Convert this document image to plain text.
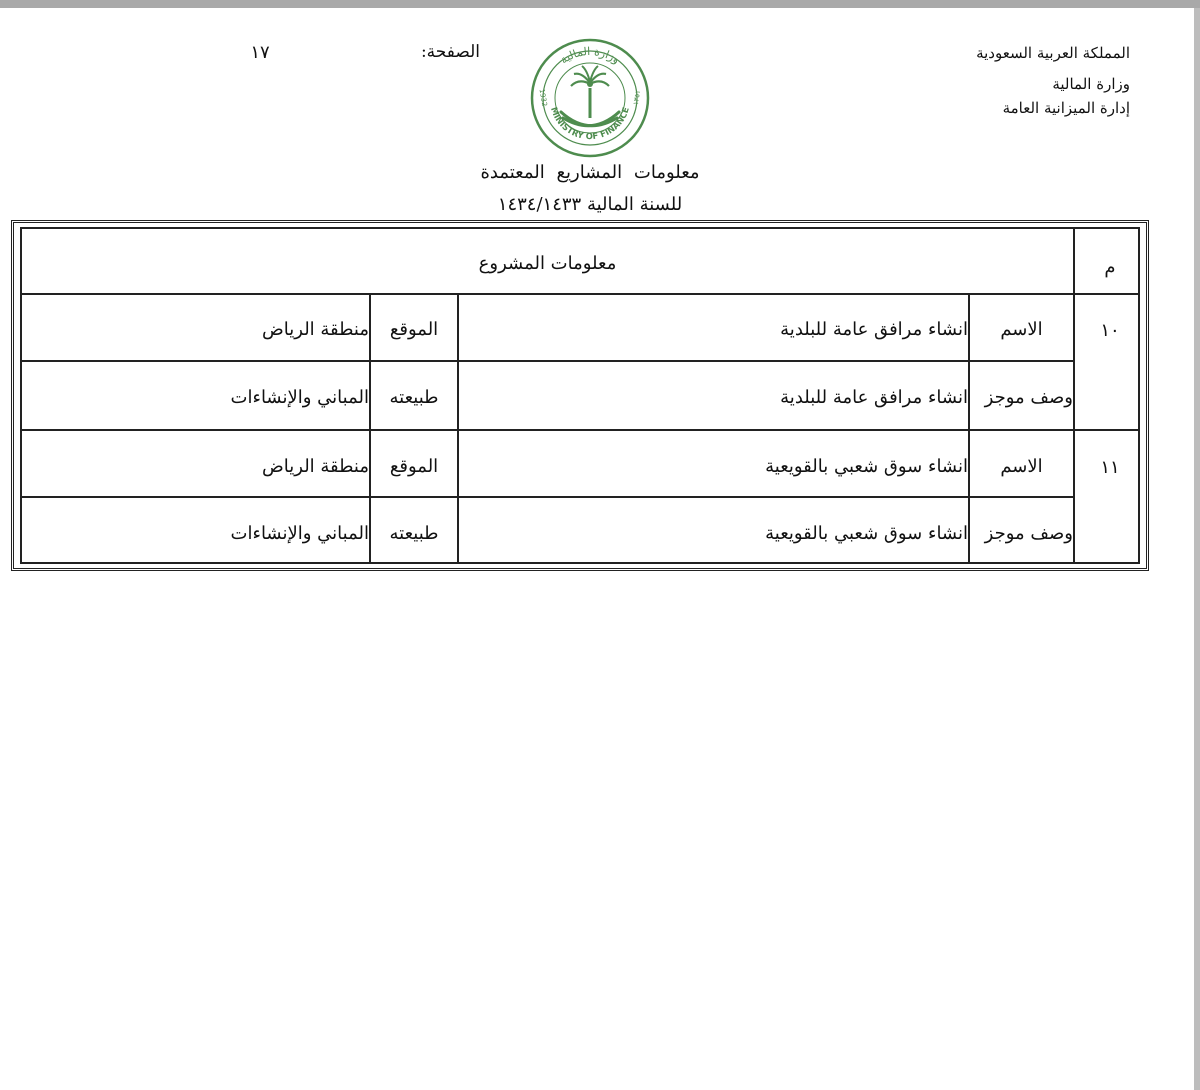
المملكة العربية السعودية
وزارة المالية
إدارة الميزانية العامة
الصفحة:
١٧	وزارة المالية
MINISTRY OF FINANCE
1932	١٣٥١
معلومات المشاريع المعتمدة
للسنة المالية ١٤٣٤/١٤٣٣
م
معلومات المشروع
١٠
الاسم
انشاء مرافق عامة للبلدية
الموقع
منطقة الرياض
وصف موجز
انشاء مرافق عامة للبلدية
طبيعته
المباني والإنشاءات
١١
الاسم
انشاء سوق شعبي بالقويعية
الموقع
منطقة الرياض
وصف موجز
انشاء سوق شعبي بالقويعية
طبيعته
المباني والإنشاءات
